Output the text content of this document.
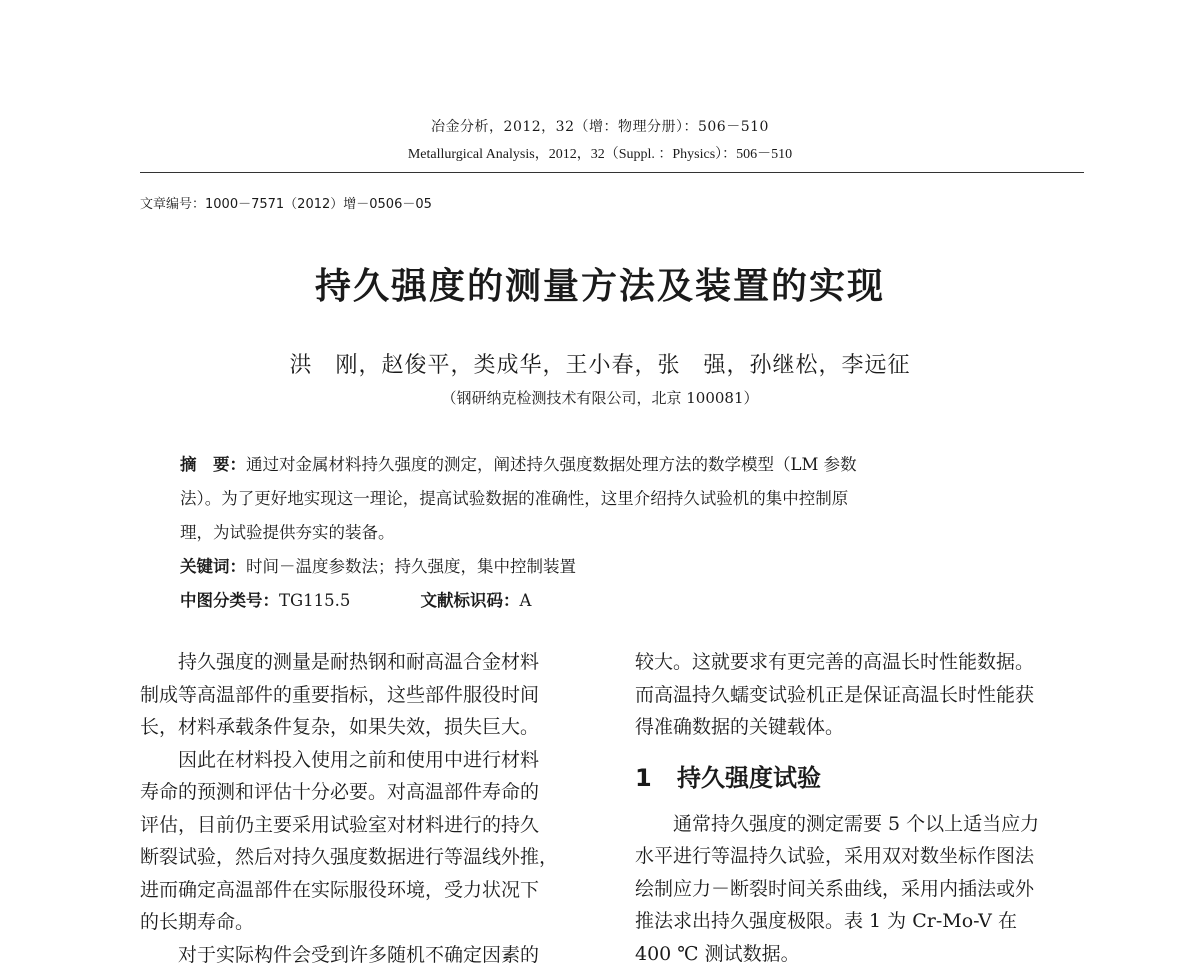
冶金分析，2012，32（增：物理分册）：506－510
Metallurgical Analysis，2012，32（Suppl. ：Physics）：506－510
文章编号：1000－7571（2012）增－0506－05
持久强度的测量方法及装置的实现
洪　刚，赵俊平，类成华，王小春，张　强，孙继松，李远征
（钢研纳克检测技术有限公司，北京 100081）
摘　要：通过对金属材料持久强度的测定，阐述持久强度数据处理方法的数学模型（LM 参数
法）。为了更好地实现这一理论，提高试验数据的准确性，这里介绍持久试验机的集中控制原
理，为试验提供夯实的装备。
关键词：时间－温度参数法；持久强度，集中控制装置
中图分类号：TG115.5	文献标识码：A
持久强度的测量是耐热钢和耐高温合金材料
制成等高温部件的重要指标，这些部件服役时间
长，材料承载条件复杂，如果失效，损失巨大。
因此在材料投入使用之前和使用中进行材料
寿命的预测和评估十分必要。对高温部件寿命的
评估，目前仍主要采用试验室对材料进行的持久
断裂试验，然后对持久强度数据进行等温线外推，
进而确定高温部件在实际服役环境，受力状况下
的长期寿命。
对于实际构件会受到许多随机不确定因素的
较大。这就要求有更完善的高温长时性能数据。
而高温持久蠕变试验机正是保证高温长时性能获
得准确数据的关键载体。
1 持久强度试验
通常持久强度的测定需要 5 个以上适当应力
水平进行等温持久试验，采用双对数坐标作图法
绘制应力－断裂时间关系曲线，采用内插法或外
推法求出持久强度极限。表 1 为 Cr-Mo-V 在
400 ℃ 测试数据。
